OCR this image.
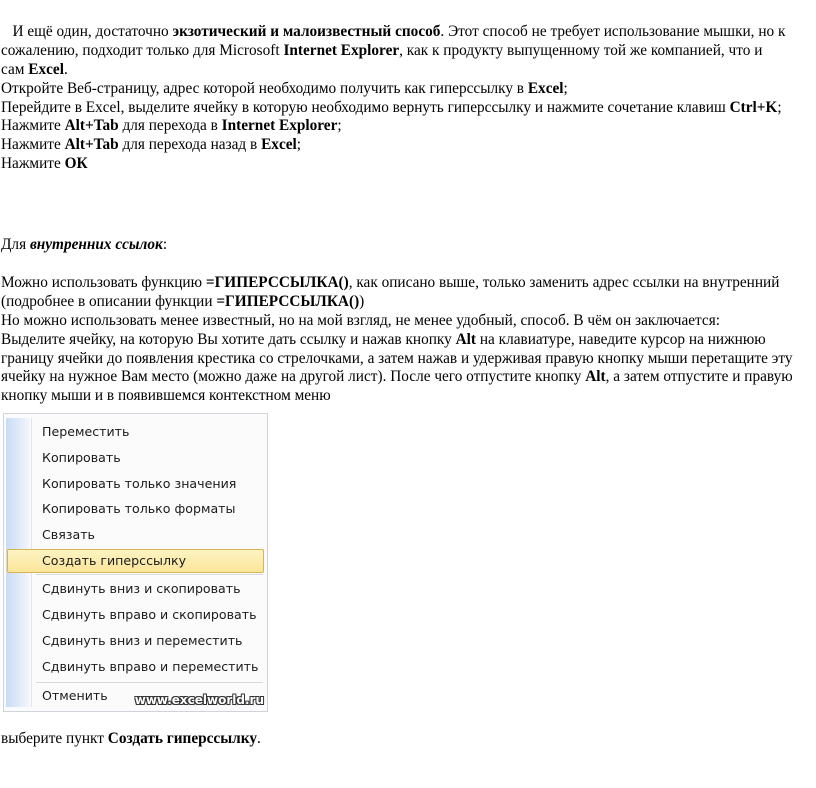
И ещё один, достаточно экзотический и малоизвестный способ. Этот способ не требует использование мышки, но к
сожалению, подходит только для Microsoft Internet Explorer, как к продукту выпущенному той же компанией, что и
сам Excel.
Откройте Веб-страницу, адрес которой необходимо получить как гиперссылку в Excel;
Перейдите в Excel, выделите ячейку в которую необходимо вернуть гиперссылку и нажмите сочетание клавиш Ctrl+K;
Нажмите Alt+Tab для перехода в Internet Explorer;
Нажмите Alt+Tab для перехода назад в Excel;
Нажмите ОК
Для внутренних ссылок:
Можно использовать функцию =ГИПЕРССЫЛКА(), как описано выше, только заменить адрес ссылки на внутренний
(подробнее в описании функции =ГИПЕРССЫЛКА())
Но можно использовать менее известный, но на мой взгляд, не менее удобный, способ. В чём он заключается:
Выделите ячейку, на которую Вы хотите дать ссылку и нажав кнопку Alt на клавиатуре, наведите курсор на нижнюю
границу ячейки до появления крестика со стрелочками, а затем нажав и удерживая правую кнопку мыши перетащите эту
ячейку на нужное Вам место (можно даже на другой лист). После чего отпустите кнопку Alt, а затем отпустите и правую
кнопку мыши и в появившемся контекстном меню
Переместить
Копировать
Копировать только значения
Копировать только форматы
Связать
Создать гиперссылку
Сдвинуть вниз и скопировать
Сдвинуть вправо и скопировать
Сдвинуть вниз и переместить
Сдвинуть вправо и переместить
Отменить	www.excelworld.ru
выберите пункт Создать гиперссылку.
